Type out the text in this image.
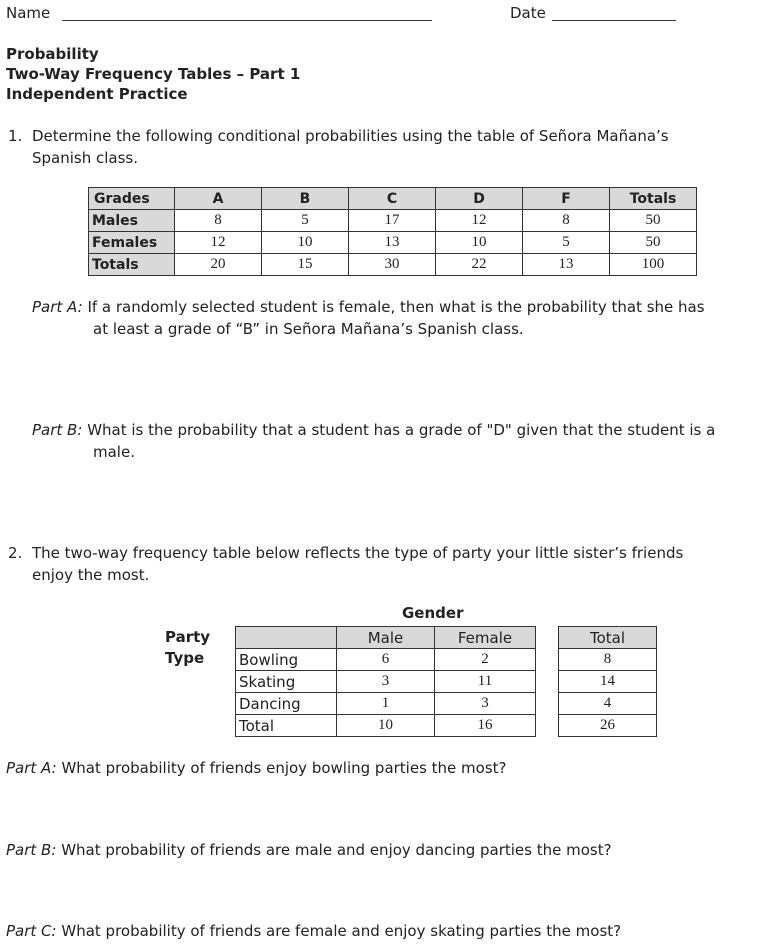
Name	Date
Probability
Two-Way Frequency Tables – Part 1
Independent Practice
1. Determine the following conditional probabilities using the table of Señora Mañana’s
Spanish class.
Grades	A	B	C	D	F	Totals
Males	8	5	17	12	8	50
Females	12	10	13	10	5	50
Totals	20	15	30	22	13	100
Part A: If a randomly selected student is female, then what is the probability that she has
at least a grade of “B” in Señora Mañana’s Spanish class.
Part B: What is the probability that a student has a grade of "D" given that the student is a
male.
2. The two-way frequency table below reflects the type of party your little sister’s friends
enjoy the most.
Gender
Party
Type
	Male	Female		Total
Bowling	6	2		8
Skating	3	11		14
Dancing	1	3		4
Total	10	16		26
Part A: What probability of friends enjoy bowling parties the most?
Part B: What probability of friends are male and enjoy dancing parties the most?
Part C: What probability of friends are female and enjoy skating parties the most?
